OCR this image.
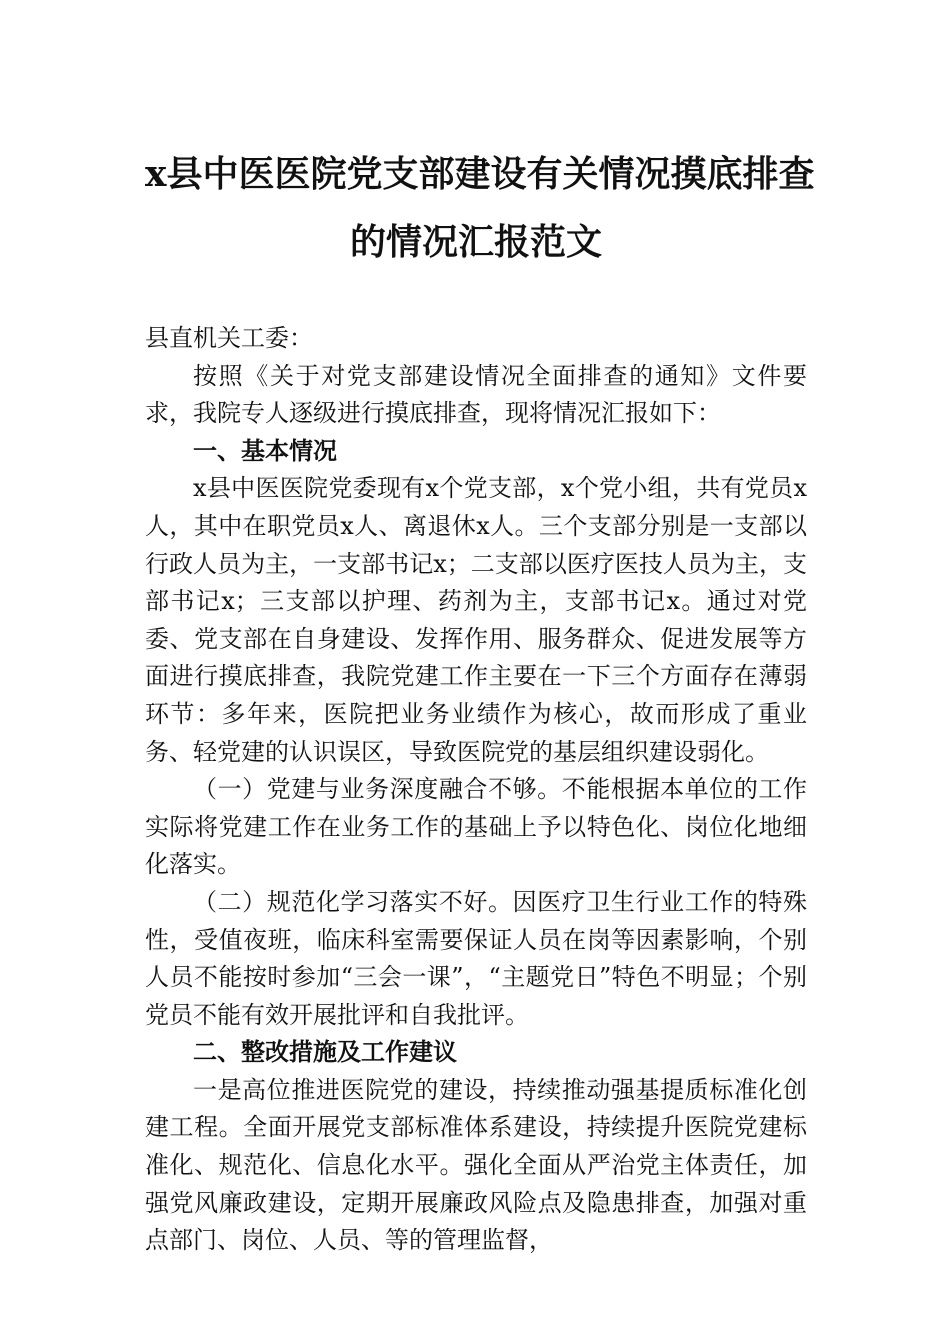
x县中医医院党支部建设有关情况摸底排查
的情况汇报范文

县直机关工委：

按照《关于对党支部建设情况全面排查的通知》文件要求，我院专人逐级进行摸底排查，现将情况汇报如下：

一、基本情况

x县中医医院党委现有x个党支部，x个党小组，共有党员x人，其中在职党员x人、离退休x人。三个支部分别是一支部以行政人员为主，一支部书记x；二支部以医疗医技人员为主，支部书记x；三支部以护理、药剂为主，支部书记x。通过对党委、党支部在自身建设、发挥作用、服务群众、促进发展等方面进行摸底排查，我院党建工作主要在一下三个方面存在薄弱环节：多年来，医院把业务业绩作为核心，故而形成了重业务、轻党建的认识误区，导致医院党的基层组织建设弱化。

（一）党建与业务深度融合不够。不能根据本单位的工作实际将党建工作在业务工作的基础上予以特色化、岗位化地细化落实。

（二）规范化学习落实不好。因医疗卫生行业工作的特殊性，受值夜班，临床科室需要保证人员在岗等因素影响，个别人员不能按时参加“三会一课”，“主题党日”特色不明显；个别党员不能有效开展批评和自我批评。

二、整改措施及工作建议

一是高位推进医院党的建设，持续推动强基提质标准化创建工程。全面开展党支部标准体系建设，持续提升医院党建标准化、规范化、信息化水平。强化全面从严治党主体责任，加强党风廉政建设，定期开展廉政风险点及隐患排查，加强对重点部门、岗位、人员、等的管理监督，
